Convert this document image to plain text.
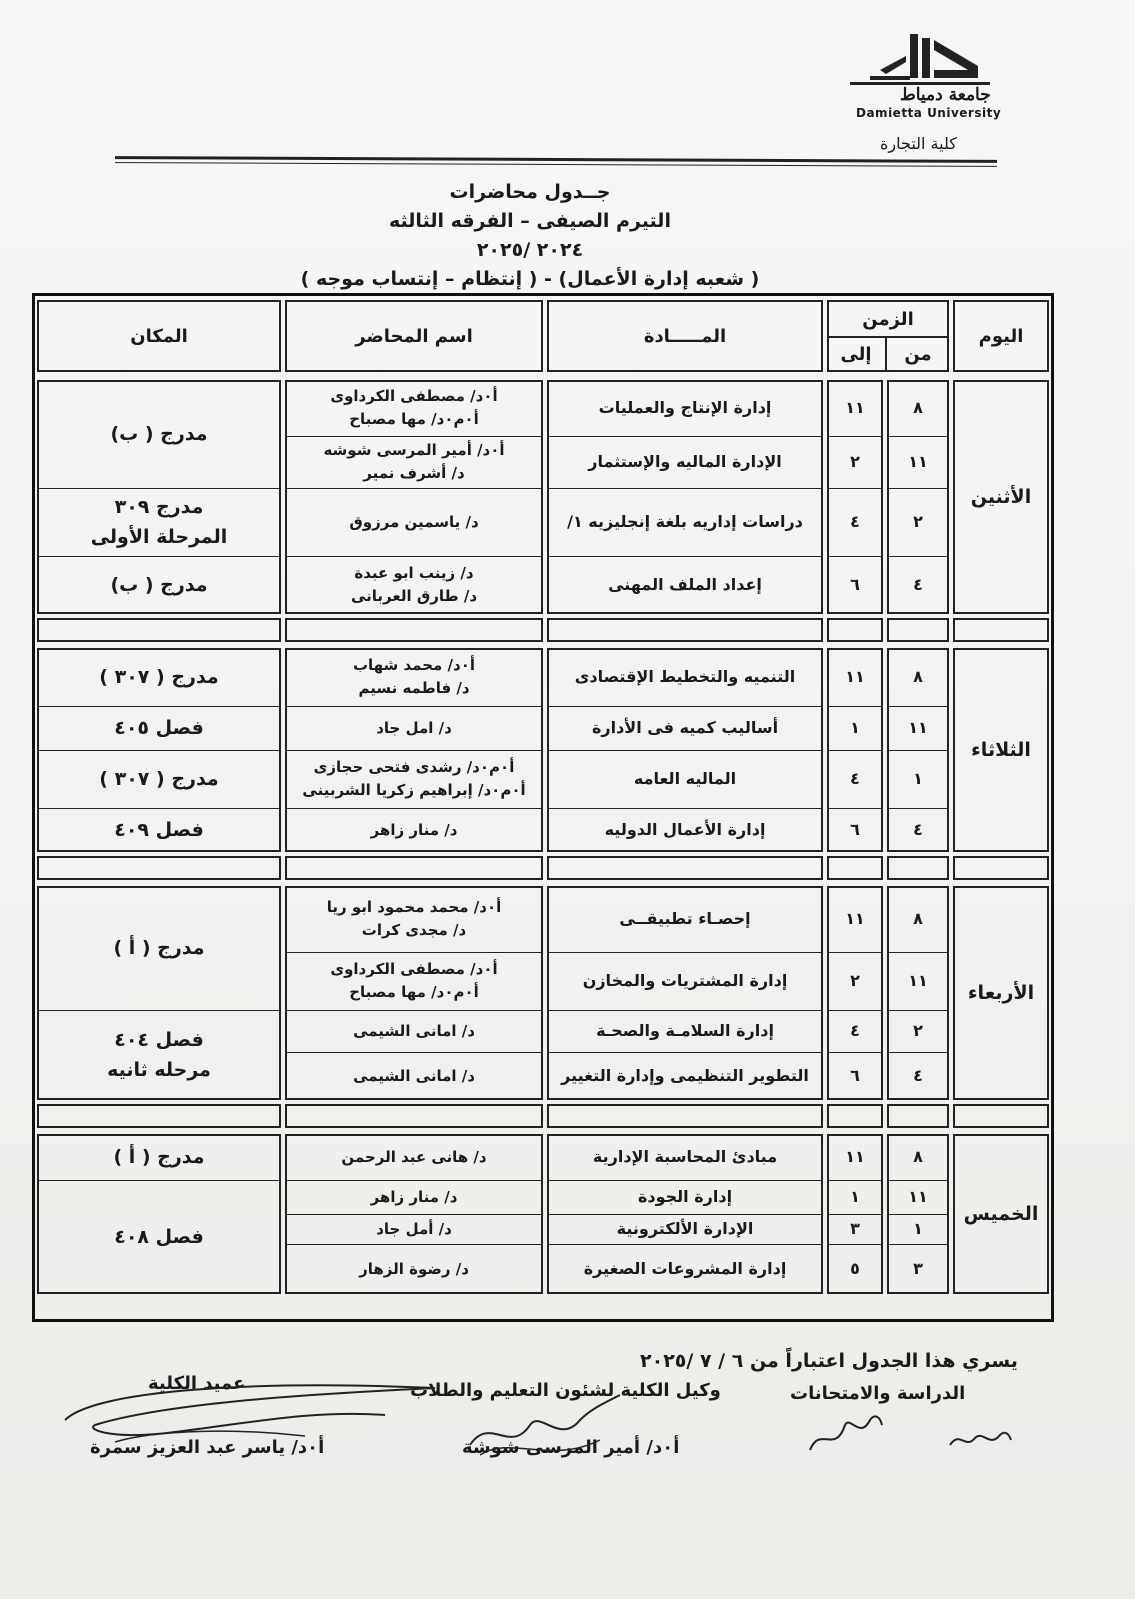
جامعة دمياط
Damietta University
كلية التجارة
جــدول محاضرات
التيرم الصيفى – الفرقه الثالثه
٢٠٢٤ /٢٠٢٥
( شعبه إدارة الأعمال) - ( إنتظام – إنتساب موجه )
اليوم
المـــــادة
اسم المحاضر
المكان
الزمن
من
إلى
الأثنين
٨
١١
إدارة الإنتاج والعمليات
أ٠د/ مصطفى الكرداوى
أ٠م٠د/ مها مصباح
١١
٢
الإدارة الماليه والإستثمار
أ٠د/ أمير المرسى شوشه
د/ أشرف نمير
٢
٤
دراسات إداريه بلغة إنجليزيه ١/
د/ ياسمين مرزوق
٤
٦
إعداد الملف المهنى
د/ زينب ابو عبدة
د/ طارق العربانى
مدرج ( ب)
مدرج ٣٠٩
المرحلة الأولى
مدرج ( ب)
الثلاثاء
٨
١١
التنميه والتخطيط الإقتصادى
أ٠د/ محمد شهاب
د/ فاطمه نسيم
١١
١
أساليب كميه فى الأدارة
د/ امل جاد
١
٤
الماليه العامه
أ٠م٠د/ رشدى فتحى حجازى
أ٠م٠د/ إبراهيم زكريا الشربينى
٤
٦
إدارة الأعمال الدوليه
د/ منار زاهر
مدرج ( ٣٠٧ )
فصل ٤٠٥
مدرج ( ٣٠٧ )
فصل ٤٠٩
الأربعاء
٨
١١
إحصـاء تطبيقــى
أ٠د/ محمد محمود ابو ريا
د/ مجدى كرات
١١
٢
إدارة المشتريات والمخازن
أ٠د/ مصطفى الكرداوى
أ٠م٠د/ مها مصباح
٢
٤
إدارة السلامـة والصحـة
د/ امانى الشيمى
٤
٦
التطوير التنظيمى وإدارة التغيير
د/ امانى الشيمى
مدرج ( أ )
فصل ٤٠٤
مرحله ثانيه
الخميس
٨
١١
مبادئ المحاسبة الإدارية
د/ هانى عبد الرحمن
١١
١
إدارة الجودة
د/ منار زاهر
١
٣
الإدارة الألكترونية
د/ أمل جاد
٣
٥
إدارة المشروعات الصغيرة
د/ رضوة الزهار
مدرج ( أ )
فصل ٤٠٨
يسري هذا الجدول اعتباراً من ٦ / ٧ /٢٠٢٥
الدراسة والامتحانات
وكيل الكلية لشئون التعليم والطلاب
أ٠د/ أمير المرسى شوشة
عميد الكلية
أ٠د/ ياسر عبد العزيز سمرة
